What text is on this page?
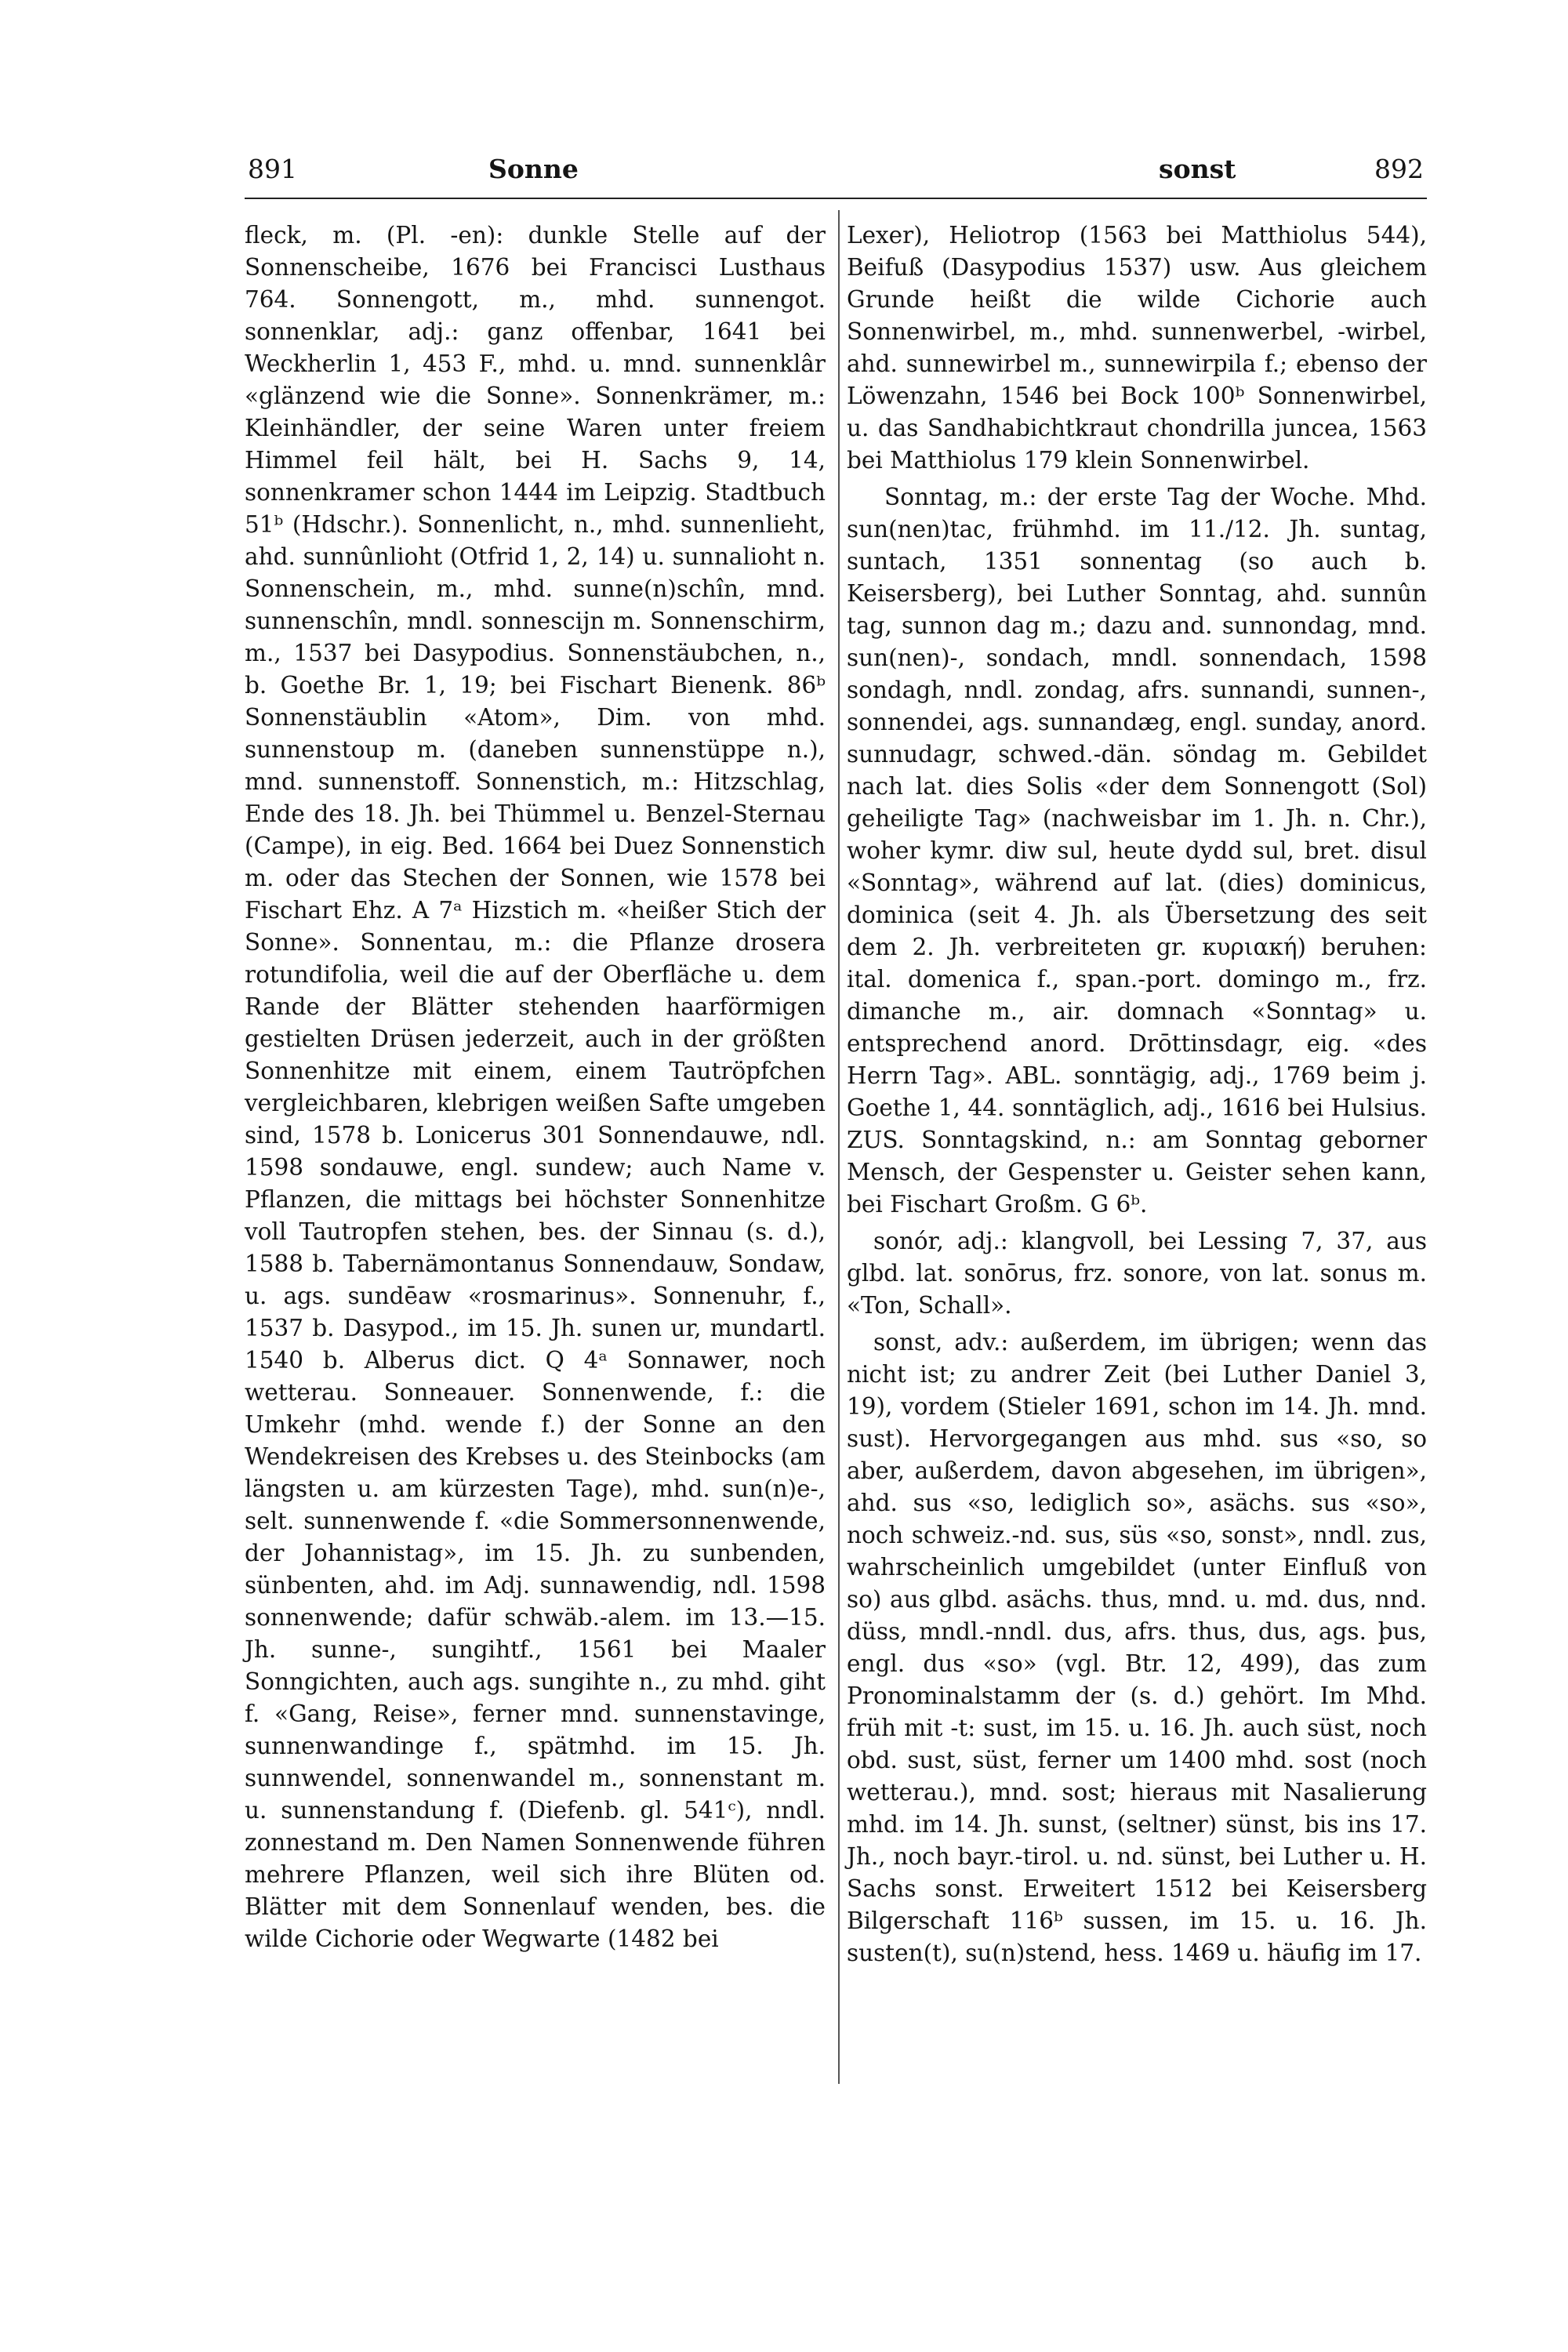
891	Sonne	sonst	892

fleck, m. (Pl. -en): dunkle Stelle auf der Sonnenscheibe, 1676 bei Francisci Lusthaus 764. Sonnengott, m., mhd. sunnengot. sonnenklar, adj.: ganz offenbar, 1641 bei Weckherlin 1, 453 F., mhd. u. mnd. sunnenklâr «glänzend wie die Sonne». Sonnenkrämer, m.: Kleinhändler, der seine Waren unter freiem Himmel feil hält, bei H. Sachs 9, 14, sonnenkramer schon 1444 im Leipzig. Stadtbuch 51ᵇ (Hdschr.). Sonnenlicht, n., mhd. sunnenlieht, ahd. sunnûnlioht (Otfrid 1, 2, 14) u. sunnalioht n. Sonnenschein, m., mhd. sunne(n)schîn, mnd. sunnenschîn, mndl. sonnescijn m. Sonnenschirm, m., 1537 bei Dasypodius. Sonnenstäubchen, n., b. Goethe Br. 1, 19; bei Fischart Bienenk. 86ᵇ Sonnenstäublin «Atom», Dim. von mhd. sunnenstoup m. (daneben sunnenstüppe n.), mnd. sunnenstoff. Sonnenstich, m.: Hitzschlag, Ende des 18. Jh. bei Thümmel u. Benzel-Sternau (Campe), in eig. Bed. 1664 bei Duez Sonnenstich m. oder das Stechen der Sonnen, wie 1578 bei Fischart Ehz. A 7ᵃ Hizstich m. «heißer Stich der Sonne». Sonnentau, m.: die Pflanze drosera rotundifolia, weil die auf der Oberfläche u. dem Rande der Blätter stehenden haarförmigen gestielten Drüsen jederzeit, auch in der größten Sonnenhitze mit einem, einem Tautröpfchen vergleichbaren, klebrigen weißen Safte umgeben sind, 1578 b. Lonicerus 301 Sonnendauwe, ndl. 1598 sondauwe, engl. sundew; auch Name v. Pflanzen, die mittags bei höchster Sonnenhitze voll Tautropfen stehen, bes. der Sinnau (s. d.), 1588 b. Tabernämontanus Sonnendauw, Sondaw, u. ags. sundēaw «rosmarinus». Sonnenuhr, f., 1537 b. Dasypod., im 15. Jh. sunen ur, mundartl. 1540 b. Alberus dict. Q 4ᵃ Sonnawer, noch wetterau. Sonneauer. Sonnenwende, f.: die Umkehr (mhd. wende f.) der Sonne an den Wendekreisen des Krebses u. des Steinbocks (am längsten u. am kürzesten Tage), mhd. sun(n)e-, selt. sunnenwende f. «die Sommersonnenwende, der Johannistag», im 15. Jh. zu sunbenden, sünbenten, ahd. im Adj. sunnawendig, ndl. 1598 sonnenwende; dafür schwäb.-alem. im 13.—15. Jh. sunne-, sungihtf., 1561 bei Maaler Sonngichten, auch ags. sungihte n., zu mhd. giht f. «Gang, Reise», ferner mnd. sunnenstavinge, sunnenwandinge f., spätmhd. im 15. Jh. sunnwendel, sonnenwandel m., sonnenstant m. u. sunnenstandung f. (Diefenb. gl. 541ᶜ), nndl. zonnestand m. Den Namen Sonnenwende führen mehrere Pflanzen, weil sich ihre Blüten od. Blätter mit dem Sonnenlauf wenden, bes. die wilde Cichorie oder Wegwarte (1482 bei

Lexer), Heliotrop (1563 bei Matthiolus 544), Beifuß (Dasypodius 1537) usw. Aus gleichem Grunde heißt die wilde Cichorie auch Sonnenwirbel, m., mhd. sunnenwerbel, -wirbel, ahd. sunnewirbel m., sunnewirpila f.; ebenso der Löwenzahn, 1546 bei Bock 100ᵇ Sonnenwirbel, u. das Sandhabichtkraut chondrilla juncea, 1563 bei Matthiolus 179 klein Sonnenwirbel.

Sonntag, m.: der erste Tag der Woche. Mhd. sun(nen)tac, frühmhd. im 11./12. Jh. suntag, suntach, 1351 sonnentag (so auch b. Keisersberg), bei Luther Sonntag, ahd. sunnûn tag, sunnon dag m.; dazu and. sunnondag, mnd. sun(nen)-, sondach, mndl. sonnendach, 1598 sondagh, nndl. zondag, afrs. sunnandi, sunnen-, sonnendei, ags. sunnandæg, engl. sunday, anord. sunnudagr, schwed.-dän. söndag m. Gebildet nach lat. dies Solis «der dem Sonnengott (Sol) geheiligte Tag» (nachweisbar im 1. Jh. n. Chr.), woher kymr. diw sul, heute dydd sul, bret. disul «Sonntag», während auf lat. (dies) dominicus, dominica (seit 4. Jh. als Übersetzung des seit dem 2. Jh. verbreiteten gr. κυριακή) beruhen: ital. domenica f., span.-port. domingo m., frz. dimanche m., air. domnach «Sonntag» u. entsprechend anord. Drōttinsdagr, eig. «des Herrn Tag». ABL. sonntägig, adj., 1769 beim j. Goethe 1, 44. sonntäglich, adj., 1616 bei Hulsius. ZUS. Sonntagskind, n.: am Sonntag geborner Mensch, der Gespenster u. Geister sehen kann, bei Fischart Großm. G 6ᵇ.

sonór, adj.: klangvoll, bei Lessing 7, 37, aus glbd. lat. sonōrus, frz. sonore, von lat. sonus m. «Ton, Schall».

sonst, adv.: außerdem, im übrigen; wenn das nicht ist; zu andrer Zeit (bei Luther Daniel 3, 19), vordem (Stieler 1691, schon im 14. Jh. mnd. sust). Hervorgegangen aus mhd. sus «so, so aber, außerdem, davon abgesehen, im übrigen», ahd. sus «so, lediglich so», asächs. sus «so», noch schweiz.-nd. sus, süs «so, sonst», nndl. zus, wahrscheinlich umgebildet (unter Einfluß von so) aus glbd. asächs. thus, mnd. u. md. dus, nnd. düss, mndl.-nndl. dus, afrs. thus, dus, ags. þus, engl. dus «so» (vgl. Btr. 12, 499), das zum Pronominalstamm der (s. d.) gehört. Im Mhd. früh mit -t: sust, im 15. u. 16. Jh. auch süst, noch obd. sust, süst, ferner um 1400 mhd. sost (noch wetterau.), mnd. sost; hieraus mit Nasalierung mhd. im 14. Jh. sunst, (seltner) sünst, bis ins 17. Jh., noch bayr.-tirol. u. nd. sünst, bei Luther u. H. Sachs sonst. Erweitert 1512 bei Keisersberg Bilgerschaft 116ᵇ sussen, im 15. u. 16. Jh. susten(t), su(n)stend, hess. 1469 u. häufig im 17.
